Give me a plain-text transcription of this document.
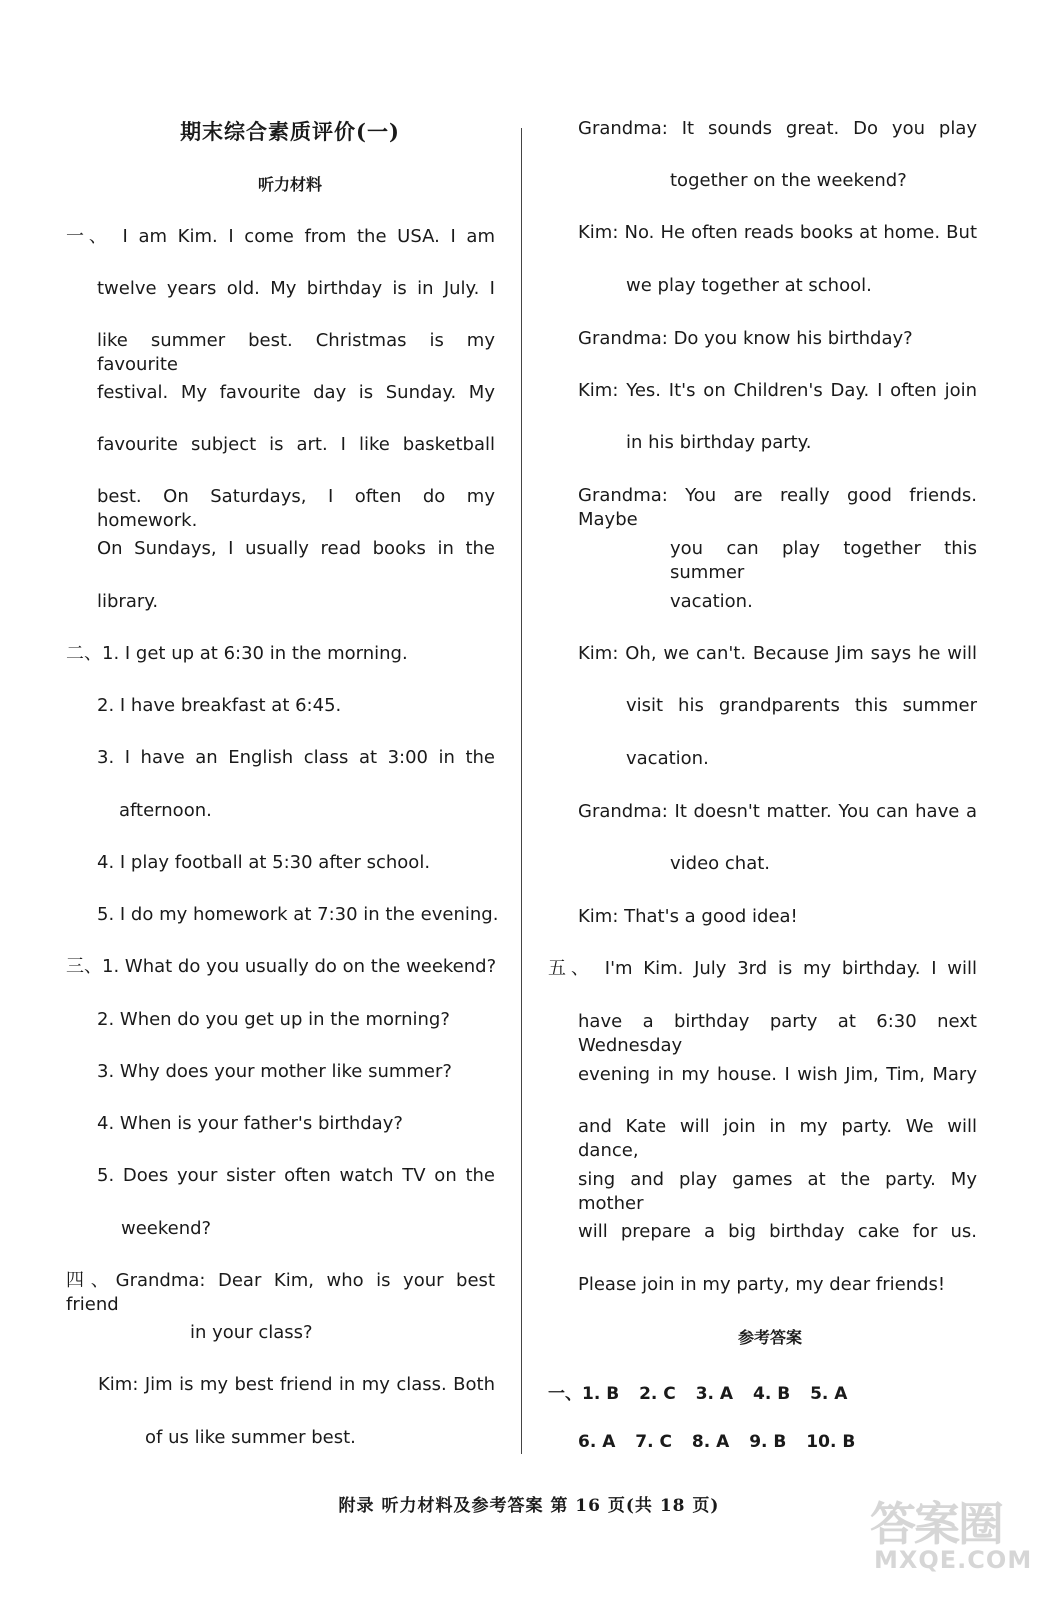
期末综合素质评价(一)
听力材料
一、 I am Kim. I come from the USA. I am
twelve years old. My birthday is in July. I
like summer best. Christmas is my favourite
festival. My favourite day is Sunday. My
favourite subject is art. I like basketball
best. On Saturdays, I often do my homework.
On Sundays, I usually read books in the
library.
二、1. I get up at 6:30 in the morning.
2. I have breakfast at 6:45.
3. I have an English class at 3:00 in the
afternoon.
4. I play football at 5:30 after school.
5. I do my homework at 7:30 in the evening.
三、1. What do you usually do on the weekend?
2. When do you get up in the morning?
3. Why does your mother like summer?
4. When is your father's birthday?
5. Does your sister often watch TV on the
weekend?
四、Grandma: Dear Kim, who is your best friend
in your class?
Kim: Jim is my best friend in my class. Both
of us like summer best.
Grandma: It sounds great. Do you play
together on the weekend?
Kim: No. He often reads books at home. But
we play together at school.
Grandma: Do you know his birthday?
Kim: Yes. It's on Children's Day. I often join
in his birthday party.
Grandma: You are really good friends. Maybe
you can play together this summer
vacation.
Kim: Oh, we can't. Because Jim says he will
visit his grandparents this summer
vacation.
Grandma: It doesn't matter. You can have a
video chat.
Kim: That's a good idea!
五、 I'm Kim. July 3rd is my birthday. I will
have a birthday party at 6:30 next Wednesday
evening in my house. I wish Jim, Tim, Mary
and Kate will join in my party. We will dance,
sing and play games at the party. My mother
will prepare a big birthday cake for us.
Please join in my party, my dear friends!
参考答案
一、1. B 2. C 3. A 4. B 5. A
6. A 7. C 8. A 9. B 10. B
附录 听力材料及参考答案 第 16 页(共 18 页)	答案圈
MXQE.COM
